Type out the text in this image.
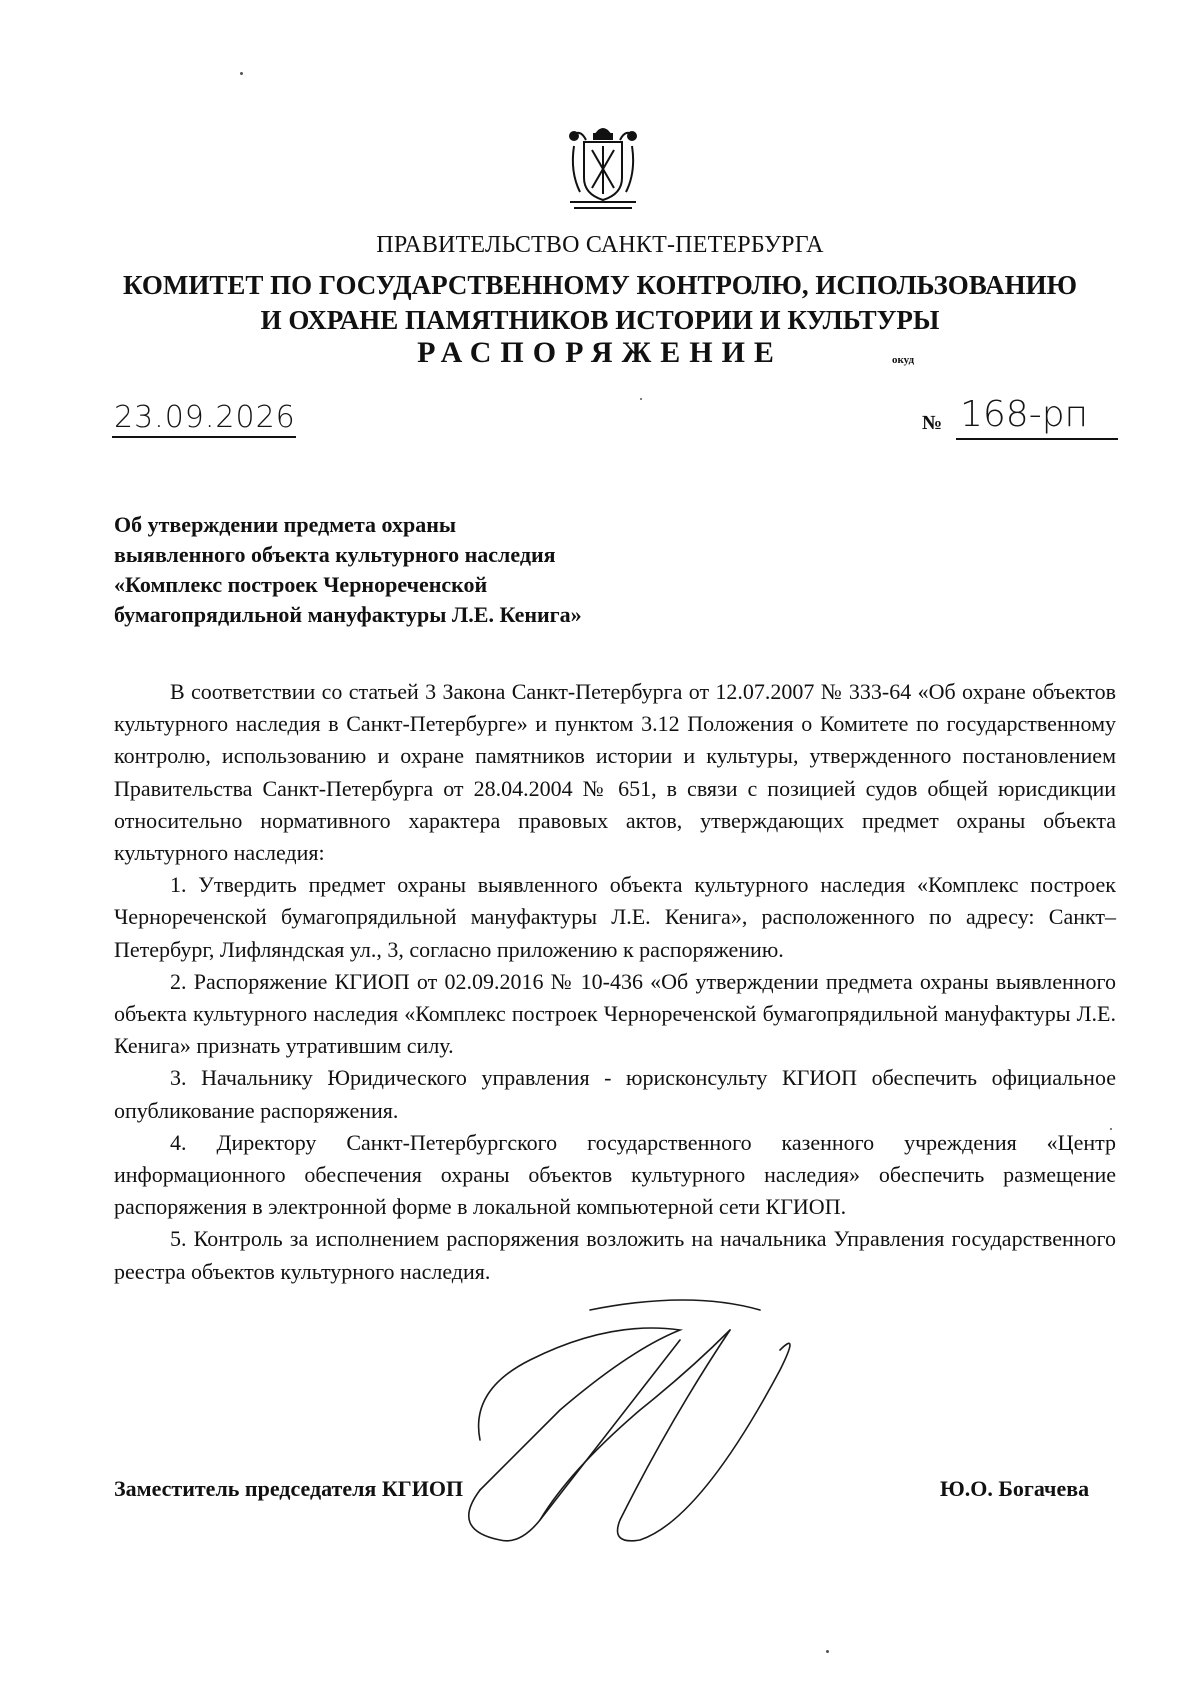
ПРАВИТЕЛЬСТВО САНКТ-ПЕТЕРБУРГА
КОМИТЕТ ПО ГОСУДАРСТВЕННОМУ КОНТРОЛЮ, ИСПОЛЬЗОВАНИЮ
И ОХРАНЕ ПАМЯТНИКОВ ИСТОРИИ И КУЛЬТУРЫ
РАСПОРЯЖЕНИЕ	окуд
23.09.2026	№ 168-рп
Об утверждении предмета охраны
выявленного объекта культурного наследия
«Комплекс построек Чернореченской
бумагопрядильной мануфактуры Л.Е. Кенига»

В соответствии со статьей 3 Закона Санкт-Петербурга от 12.07.2007 № 333-64 «Об охране объектов культурного наследия в Санкт-Петербурге» и пунктом 3.12 Положения о Комитете по государственному контролю, использованию и охране памятников истории и культуры, утвержденного постановлением Правительства Санкт-Петербурга от 28.04.2004 № 651, в связи с позицией судов общей юрисдикции относительно нормативного характера правовых актов, утверждающих предмет охраны объекта культурного наследия:

1. Утвердить предмет охраны выявленного объекта культурного наследия «Комплекс построек Чернореченской бумагопрядильной мануфактуры Л.Е. Кенига», расположенного по адресу: Санкт–Петербург, Лифляндская ул., 3, согласно приложению к распоряжению.

2. Распоряжение КГИОП от 02.09.2016 № 10-436 «Об утверждении предмета охраны выявленного объекта культурного наследия «Комплекс построек Чернореченской бумагопрядильной мануфактуры Л.Е. Кенига» признать утратившим силу.

3. Начальнику Юридического управления - юрисконсульту КГИОП обеспечить официальное опубликование распоряжения.

4. Директору Санкт-Петербургского государственного казенного учреждения «Центр информационного обеспечения охраны объектов культурного наследия» обеспечить размещение распоряжения в электронной форме в локальной компьютерной сети КГИОП.

5. Контроль за исполнением распоряжения возложить на начальника Управления государственного реестра объектов культурного наследия.

Заместитель председателя КГИОП	Ю.О. Богачева
